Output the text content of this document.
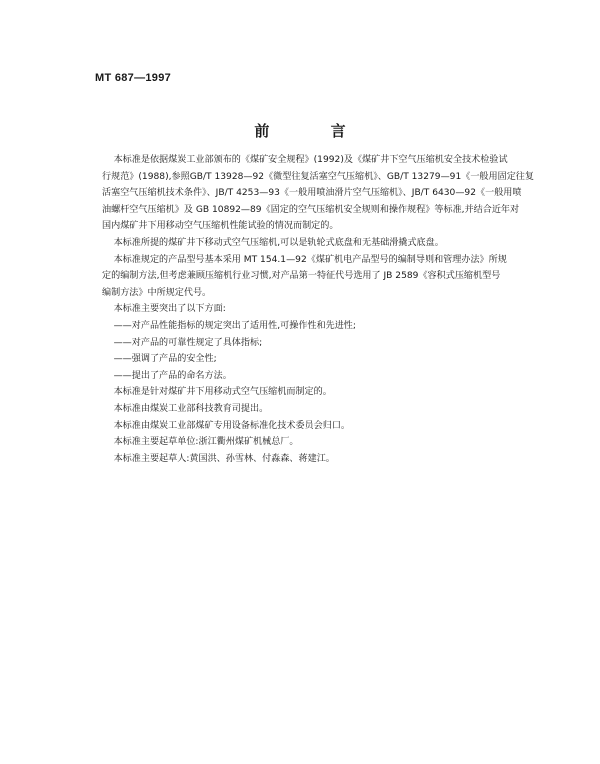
MT 687—1997
前 言

本标准是依据煤炭工业部颁布的《煤矿安全规程》(1992)及《煤矿井下空气压缩机安全技术检验试

行规范》(1988),参照GB/T 13928—92《微型往复活塞空气压缩机》、GB/T 13279—91《一般用固定往复

活塞空气压缩机技术条件》、JB/T 4253—93《一般用喷油滑片空气压缩机》、JB/T 6430—92《一般用喷

油螺杆空气压缩机》及 GB 10892—89《固定的空气压缩机安全规则和操作规程》等标准,并结合近年对

国内煤矿井下用移动空气压缩机性能试验的情况而制定的。

本标准所提的煤矿井下移动式空气压缩机,可以是轨轮式底盘和无基础滑撬式底盘。

本标准规定的产品型号基本采用 MT 154.1—92《煤矿机电产品型号的编制导则和管理办法》所规

定的编制方法,但考虑兼顾压缩机行业习惯,对产品第一特征代号选用了 JB 2589《容积式压缩机型号

编制方法》中所规定代号。

本标准主要突出了以下方面:

——对产品性能指标的规定突出了适用性,可操作性和先进性;

——对产品的可靠性规定了具体指标;

——强调了产品的安全性;

——提出了产品的命名方法。

本标准是针对煤矿井下用移动式空气压缩机而制定的。

本标准由煤炭工业部科技教育司提出。

本标准由煤炭工业部煤矿专用设备标准化技术委员会归口。

本标准主要起草单位:浙江衢州煤矿机械总厂。

本标准主要起草人:黄国洪、孙雪林、付淼森、蒋建江。
